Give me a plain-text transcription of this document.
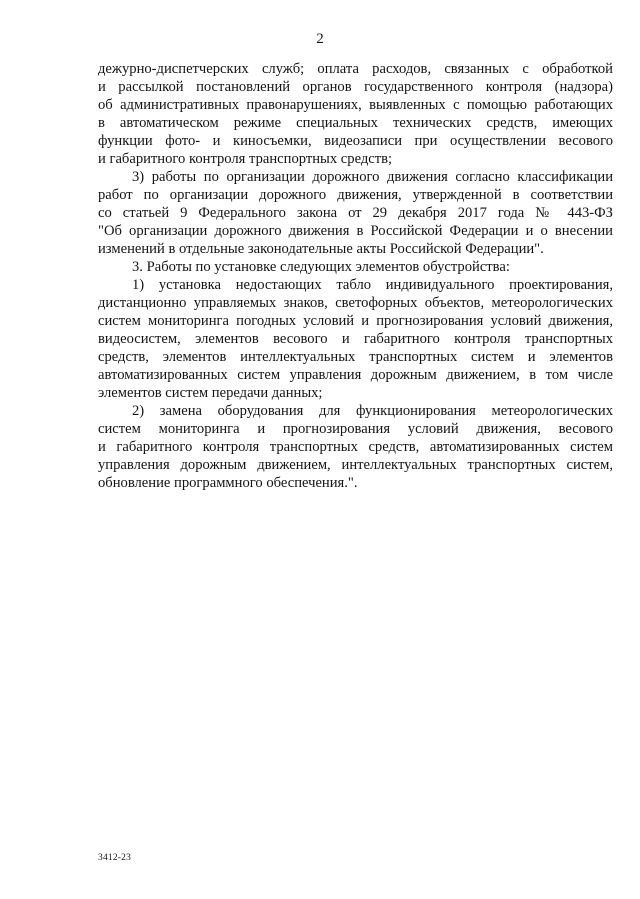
2
дежурно-диспетчерских служб; оплата расходов, связанных с обработкой
и рассылкой постановлений органов государственного контроля (надзора)
об административных правонарушениях, выявленных с помощью работающих
в автоматическом режиме специальных технических средств, имеющих
функции фото- и киносъемки, видеозаписи при осуществлении весового
и габаритного контроля транспортных средств;
3) работы по организации дорожного движения согласно классификации
работ по организации дорожного движения, утвержденной в соответствии
со статьей 9 Федерального закона от 29 декабря 2017 года № 443-ФЗ
"Об организации дорожного движения в Российской Федерации и о внесении
изменений в отдельные законодательные акты Российской Федерации".
3. Работы по установке следующих элементов обустройства:
1) установка недостающих табло индивидуального проектирования,
дистанционно управляемых знаков, светофорных объектов, метеорологических
систем мониторинга погодных условий и прогнозирования условий движения,
видеосистем, элементов весового и габаритного контроля транспортных
средств, элементов интеллектуальных транспортных систем и элементов
автоматизированных систем управления дорожным движением, в том числе
элементов систем передачи данных;
2) замена оборудования для функционирования метеорологических
систем мониторинга и прогнозирования условий движения, весового
и габаритного контроля транспортных средств, автоматизированных систем
управления дорожным движением, интеллектуальных транспортных систем,
обновление программного обеспечения.".
3412-23
